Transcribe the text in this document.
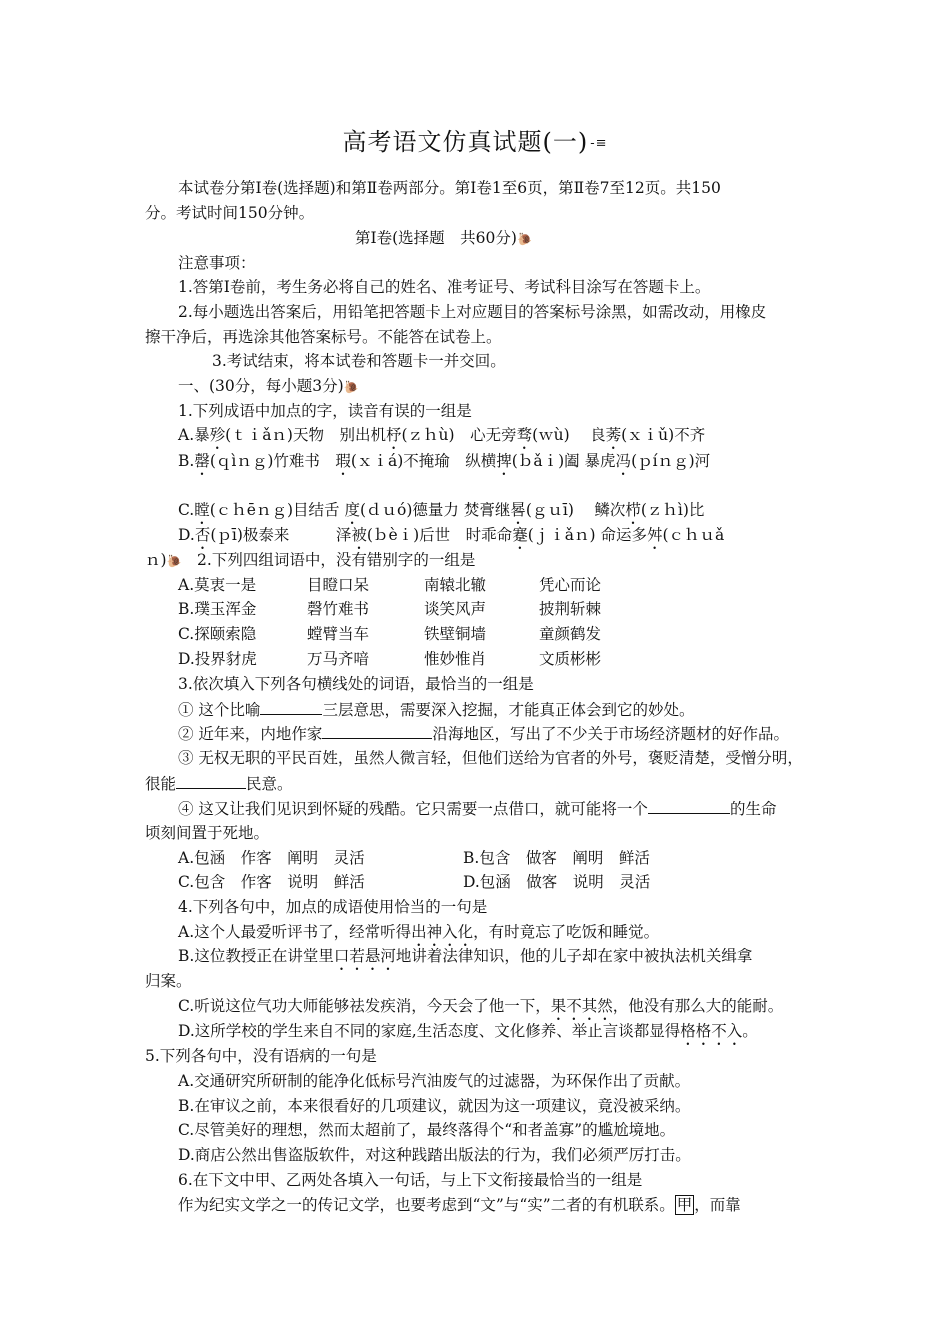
高考语文仿真试题(一) -≡
本试卷分第Ⅰ卷(选择题)和第Ⅱ卷两部分。第Ⅰ卷1至6页，第Ⅱ卷7至12页。共150
分。考试时间150分钟。
第Ⅰ卷(选择题　共60分)🐌
注意事项：
1.答第Ⅰ卷前，考生务必将自己的姓名、准考证号、考试科目涂写在答题卡上。
2.每小题选出答案后，用铅笔把答题卡上对应题目的答案标号涂黑，如需改动，用橡皮
擦干净后，再选涂其他答案标号。不能答在试卷上。
3.考试结束，将本试卷和答题卡一并交回。
一、(30分，每小题3分)🐌
1.下列成语中加点的字，读音有误的一组是
A.暴殄(ｔｉǎｎ)天物　别出机杼(ｚｈù)　心无旁骛(ｗù)　 良莠(ｘｉǔ)不齐
B.罄(ｑìｎｇ)竹难书　瑕(ｘｉá)不掩瑜　纵横捭(ｂǎｉ)阖 暴虎冯(ｐíｎｇ)河
C.瞠(ｃｈēｎｇ)目结舌 度(ｄｕó)德量力 焚膏继晷(ｇｕī)　 鳞次栉(ｚｈì)比
D.否(ｐī)极泰来　　　泽被(ｂèｉ)后世　时乖命蹇(ｊｉǎｎ) 命运多舛(ｃｈｕǎ
ｎ)🐌　 2.下列四组词语中，没有错别字的一组是
A.莫衷一是	目瞪口呆	南辕北辙	凭心而论
B.璞玉浑金	磬竹难书	谈笑风声	披荆斩棘
C.探颐索隐	螳臂当车	铁壁铜墙	童颜鹤发
D.投界豺虎	万马齐喑	惟妙惟肖	文质彬彬
3.依次填入下列各句横线处的词语，最恰当的一组是
① 这个比喻	三层意思，需要深入挖掘，才能真正体会到它的妙处。
② 近年来，内地作家	沿海地区，写出了不少关于市场经济题材的好作品。
③ 无权无职的平民百姓，虽然人微言轻，但他们送给为官者的外号，褒贬清楚，受憎分明，
很能	民意。
④ 这又让我们见识到怀疑的残酷。它只需要一点借口，就可能将一个	的生命
顷刻间置于死地。
A.包涵　作客　阐明　灵活	B.包含　做客　阐明　鲜活
C.包含　作客　说明　鲜活	D.包涵　做客　说明　灵活
4.下列各句中，加点的成语使用恰当的一句是
A.这个人最爱听评书了，经常听得出神入化，有时竟忘了吃饭和睡觉。
B.这位教授正在讲堂里口若悬河地讲着法律知识，他的儿子却在家中被执法机关缉拿
归案。
C.听说这位气功大师能够祛发疾消，今天会了他一下，果不其然，他没有那么大的能耐。
D.这所学校的学生来自不同的家庭,生活态度、文化修养、举止言谈都显得格格不入。
5.下列各句中，没有语病的一句是
A.交通研究所研制的能净化低标号汽油废气的过滤器，为环保作出了贡献。
B.在审议之前，本来很看好的几项建议，就因为这一项建议，竟没被采纳。
C.尽管美好的理想，然而太超前了，最终落得个“和者盖寡”的尴尬境地。
D.商店公然出售盗版软件，对这种践踏出版法的行为，我们必须严厉打击。
6.在下文中甲、乙两处各填入一句话，与上下文衔接最恰当的一组是
作为纪实文学之一的传记文学，也要考虑到“文”与“实”二者的有机联系。 甲 ，而靠
